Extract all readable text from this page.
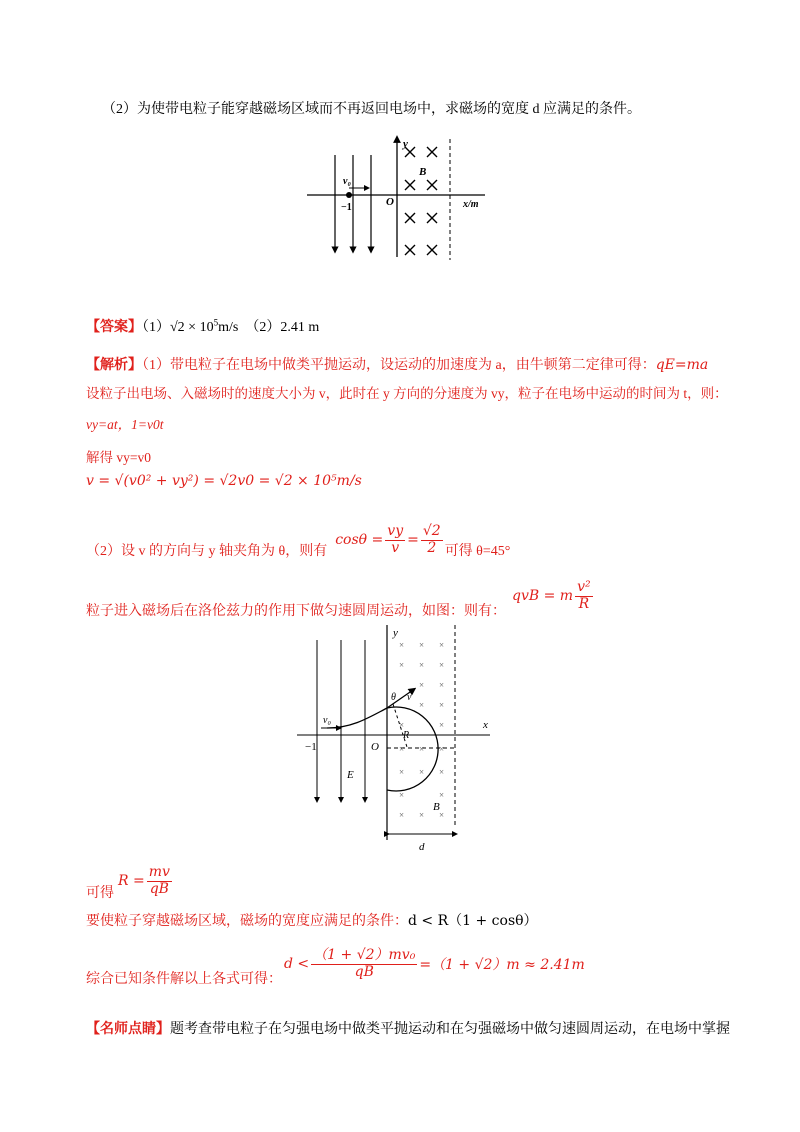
（2）为使带电粒子能穿越磁场区域而不再返回电场中，求磁场的宽度 d 应满足的条件。
y
v₀
−1	O
B
x/m
【答案】$(1)√2 \times 10^5m/s$ （2）2.41 m
【解析】（1）带电粒子在电场中做类平抛运动，设运动的加速度为 a，由牛顿第二定律可得：qE=ma
设粒子出电场、入磁场时的速度大小为 v，此时在 y 方向的分速度为 vy，粒子在电场中运动的时间为 t，则：
vy=at，1=v0t
解得 vy=v0
v = √(v0² + vy²) = √2v0 = √2 × 10⁵m/s
（2）设 v 的方向与 y 轴夹角为 θ，则有
$\cos\theta = \frac{vy}{v} = \frac{√2}{2}$ 可得 θ=45°
粒子进入磁场后在洛伦兹力的作用下做匀速圆周运动，如图：则有：
qvB = m $\frac{\text{v²}}{R}$
× × ×
× × ×
× ×
× ×
×	×
× × ×
× × ×
×	×
× × ×
y
x
v₀
θ v
R
E
B
O
−1
d
可得
$R = \frac{mv}{qB}$
要使粒子穿越磁场区域，磁场的宽度应满足的条件：d < R（1 + cosθ）
综合已知条件解以上各式可得：
$d < \frac{\text{（1 + √2）mv₀}}{qB} =(1 + √2)m \approx 2.41m$
【名师点睛】题考查带电粒子在匀强电场中做类平抛运动和在匀强磁场中做匀速圆周运动，在电场中掌握
